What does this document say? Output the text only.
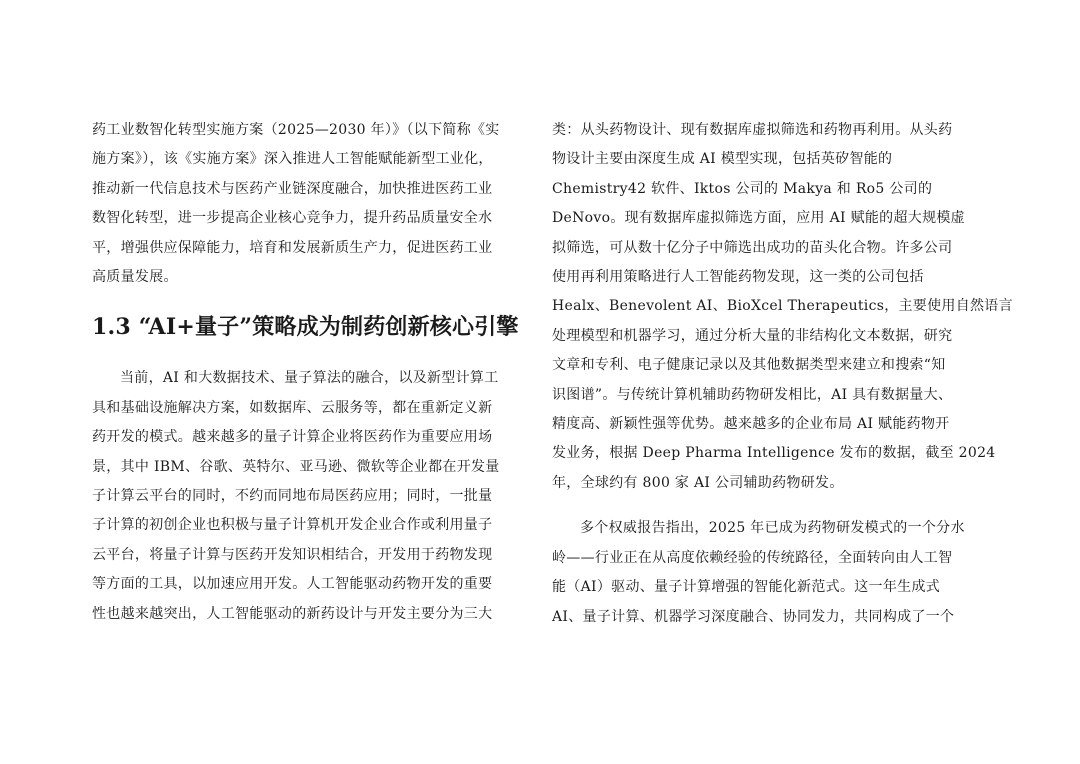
药工业数智化转型实施方案（2025—2030 年）》（以下简称《实
施方案》），该《实施方案》深入推进人工智能赋能新型工业化，
推动新一代信息技术与医药产业链深度融合，加快推进医药工业
数智化转型，进一步提高企业核心竞争力，提升药品质量安全水
平，增强供应保障能力，培育和发展新质生产力，促进医药工业
高质量发展。

1.3 “AI+量子”策略成为制药创新核心引擎

当前，AI 和大数据技术、量子算法的融合，以及新型计算工
具和基础设施解决方案，如数据库、云服务等，都在重新定义新
药开发的模式。越来越多的量子计算企业将医药作为重要应用场
景，其中 IBM、谷歌、英特尔、亚马逊、微软等企业都在开发量
子计算云平台的同时，不约而同地布局医药应用；同时，一批量
子计算的初创企业也积极与量子计算机开发企业合作或利用量子
云平台，将量子计算与医药开发知识相结合，开发用于药物发现
等方面的工具，以加速应用开发。人工智能驱动药物开发的重要
性也越来越突出，人工智能驱动的新药设计与开发主要分为三大

类：从头药物设计、现有数据库虚拟筛选和药物再利用。从头药
物设计主要由深度生成 AI 模型实现，包括英矽智能的
Chemistry42 软件、Iktos 公司的 Makya 和 Ro5 公司的
DeNovo。现有数据库虚拟筛选方面，应用 AI 赋能的超大规模虚
拟筛选，可从数十亿分子中筛选出成功的苗头化合物。许多公司
使用再利用策略进行人工智能药物发现，这一类的公司包括
Healx、Benevolent AI、BioXcel Therapeutics，主要使用自然语言
处理模型和机器学习，通过分析大量的非结构化文本数据，研究
文章和专利、电子健康记录以及其他数据类型来建立和搜索“知
识图谱”。与传统计算机辅助药物研发相比，AI 具有数据量大、
精度高、新颖性强等优势。越来越多的企业布局 AI 赋能药物开
发业务，根据 Deep Pharma Intelligence 发布的数据，截至 2024
年，全球约有 800 家 AI 公司辅助药物研发。

多个权威报告指出，2025 年已成为药物研发模式的一个分水
岭——行业正在从高度依赖经验的传统路径，全面转向由人工智
能（AI）驱动、量子计算增强的智能化新范式。这一年生成式
AI、量子计算、机器学习深度融合、协同发力，共同构成了一个
